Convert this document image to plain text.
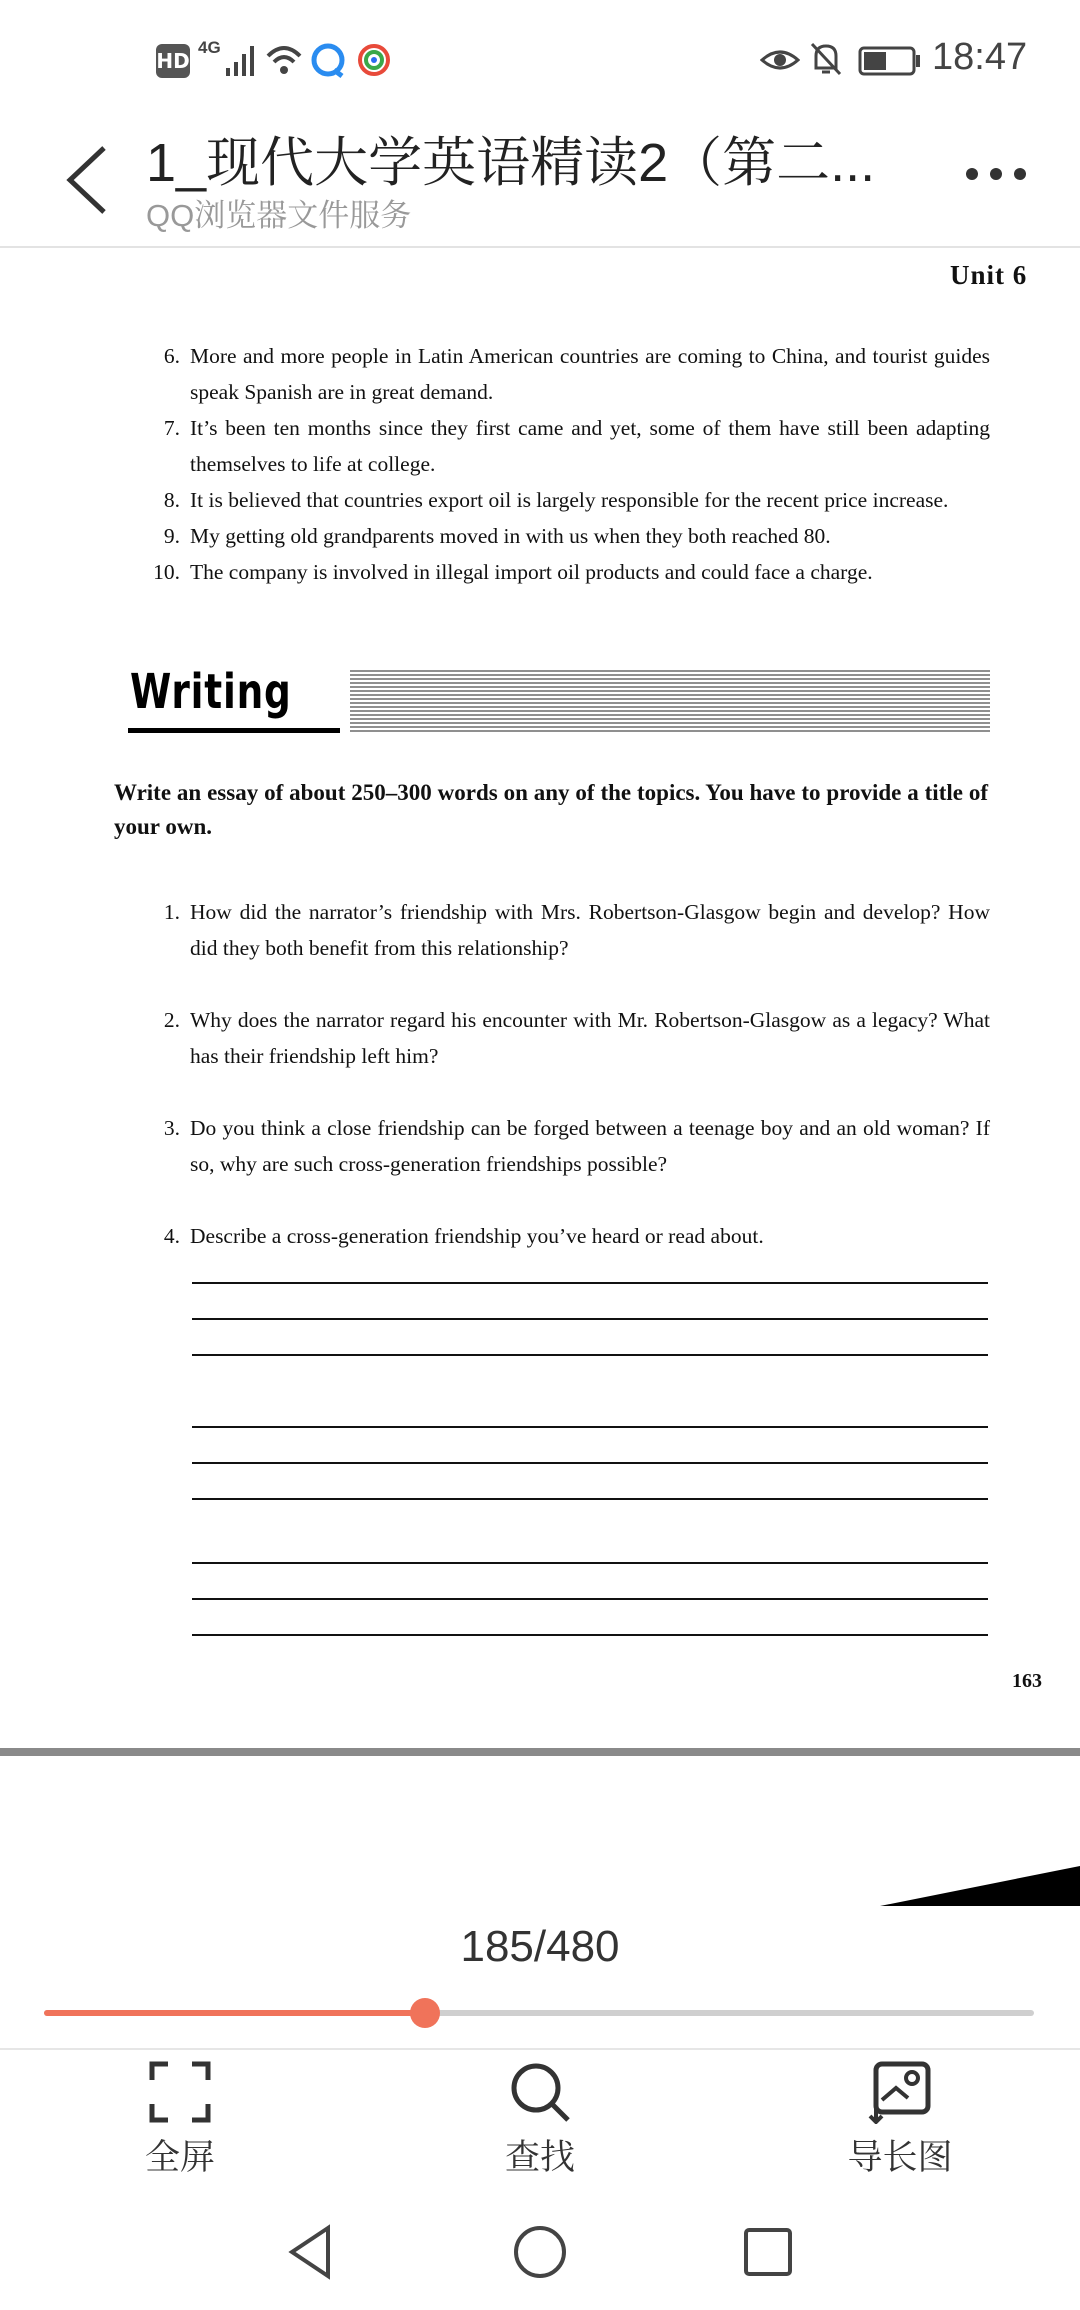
HD
4G	18:47
1_现代大学英语精读2（第二...
QQ浏览器文件服务
Unit 6
6. More and more people in Latin American countries are coming to China, and tourist guides speak Spanish are in great demand.
7. It’s been ten months since they first came and yet, some of them have still been adapting themselves to life at college.
8. It is believed that countries export oil is largely responsible for the recent price increase.
9. My getting old grandparents moved in with us when they both reached 80.
10. The company is involved in illegal import oil products and could face a charge.
Writing
Write an essay of about 250–300 words on any of the topics. You have to provide a title of your own.
1. How did the narrator’s friendship with Mrs. Robertson-Glasgow begin and develop? How did they both benefit from this relationship?
2. Why does the narrator regard his encounter with Mr. Robertson-Glasgow as a legacy? What has their friendship left him?
3. Do you think a close friendship can be forged between a teenage boy and an old woman? If so, why are such cross-generation friendships possible?
4. Describe a cross-generation friendship you’ve heard or read about.
163
185/480
全屏	查找	导长图
